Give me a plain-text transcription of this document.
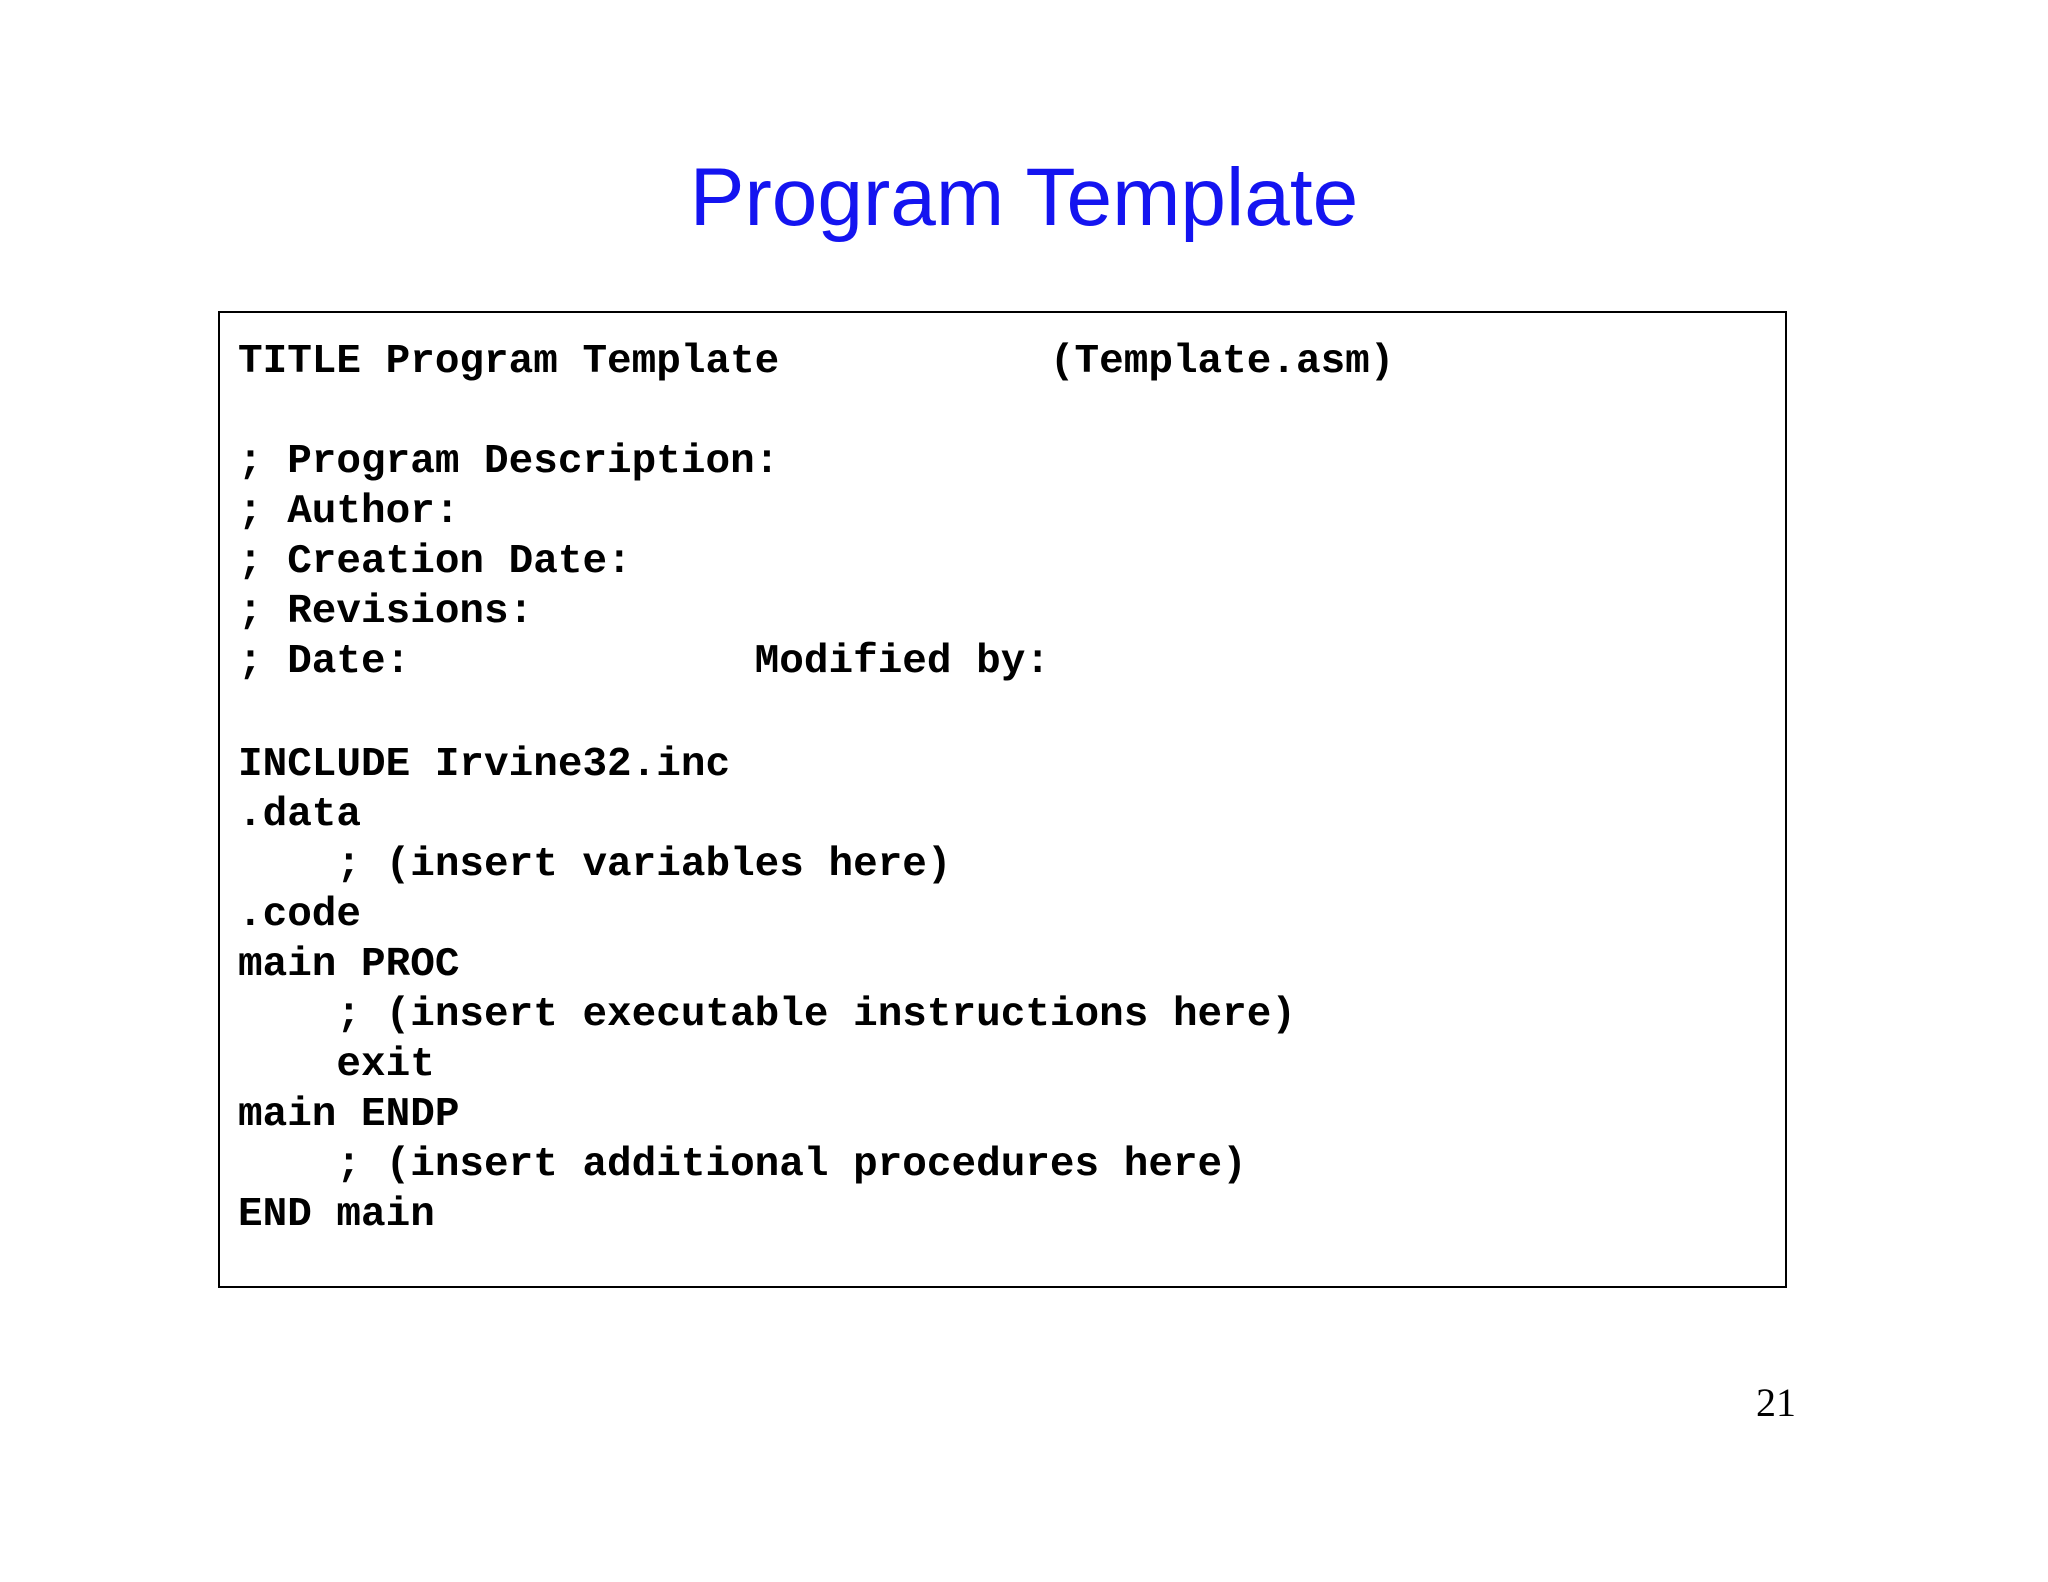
Program Template
TITLE Program Template           (Template.asm)
; Program Description:
; Author:
; Creation Date:
; Revisions:
; Date:              Modified by:
INCLUDE Irvine32.inc
.data
; (insert variables here)
.code
main PROC
; (insert executable instructions here)
exit
main ENDP
; (insert additional procedures here)
END main
21
